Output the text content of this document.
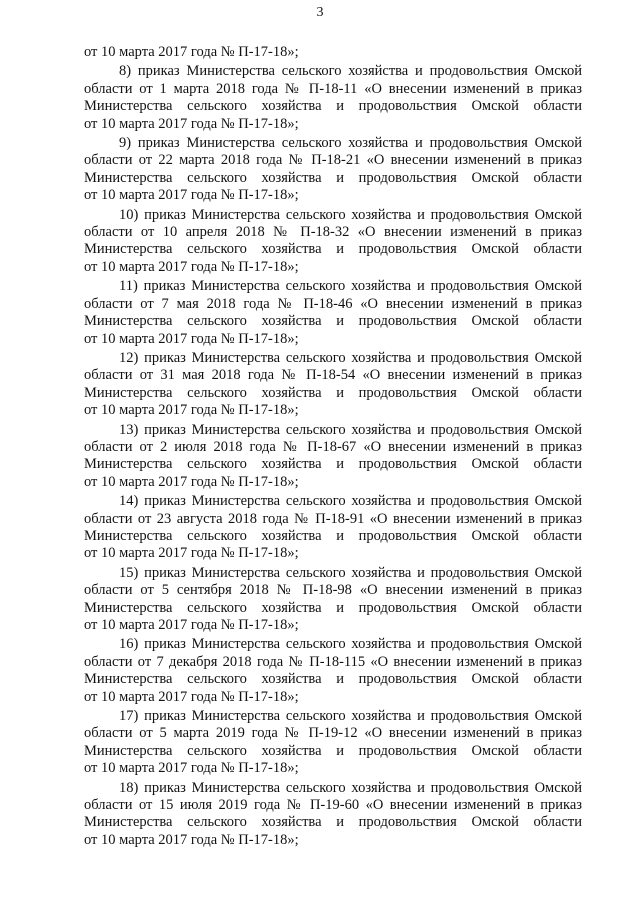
3
от 10 марта 2017 года № П-17-18»;
8) приказ Министерства сельского хозяйства и продовольствия Омской
области от 1 марта 2018 года № П-18-11 «О внесении изменений в приказ
Министерства сельского хозяйства и продовольствия Омской области
от 10 марта 2017 года № П-17-18»;
9) приказ Министерства сельского хозяйства и продовольствия Омской
области от 22 марта 2018 года № П-18-21 «О внесении изменений в приказ
Министерства сельского хозяйства и продовольствия Омской области
от 10 марта 2017 года № П-17-18»;
10) приказ Министерства сельского хозяйства и продовольствия Омской
области от 10 апреля 2018 № П-18-32 «О внесении изменений в приказ
Министерства сельского хозяйства и продовольствия Омской области
от 10 марта 2017 года № П-17-18»;
11) приказ Министерства сельского хозяйства и продовольствия Омской
области от 7 мая 2018 года № П-18-46 «О внесении изменений в приказ
Министерства сельского хозяйства и продовольствия Омской области
от 10 марта 2017 года № П-17-18»;
12) приказ Министерства сельского хозяйства и продовольствия Омской
области от 31 мая 2018 года № П-18-54 «О внесении изменений в приказ
Министерства сельского хозяйства и продовольствия Омской области
от 10 марта 2017 года № П-17-18»;
13) приказ Министерства сельского хозяйства и продовольствия Омской
области от 2 июля 2018 года № П-18-67 «О внесении изменений в приказ
Министерства сельского хозяйства и продовольствия Омской области
от 10 марта 2017 года № П-17-18»;
14) приказ Министерства сельского хозяйства и продовольствия Омской
области от 23 августа 2018 года № П-18-91 «О внесении изменений в приказ
Министерства сельского хозяйства и продовольствия Омской области
от 10 марта 2017 года № П-17-18»;
15) приказ Министерства сельского хозяйства и продовольствия Омской
области от 5 сентября 2018 № П-18-98 «О внесении изменений в приказ
Министерства сельского хозяйства и продовольствия Омской области
от 10 марта 2017 года № П-17-18»;
16) приказ Министерства сельского хозяйства и продовольствия Омской
области от 7 декабря 2018 года № П-18-115 «О внесении изменений в приказ
Министерства сельского хозяйства и продовольствия Омской области
от 10 марта 2017 года № П-17-18»;
17) приказ Министерства сельского хозяйства и продовольствия Омской
области от 5 марта 2019 года № П-19-12 «О внесении изменений в приказ
Министерства сельского хозяйства и продовольствия Омской области
от 10 марта 2017 года № П-17-18»;
18) приказ Министерства сельского хозяйства и продовольствия Омской
области от 15 июля 2019 года № П-19-60 «О внесении изменений в приказ
Министерства сельского хозяйства и продовольствия Омской области
от 10 марта 2017 года № П-17-18»;
